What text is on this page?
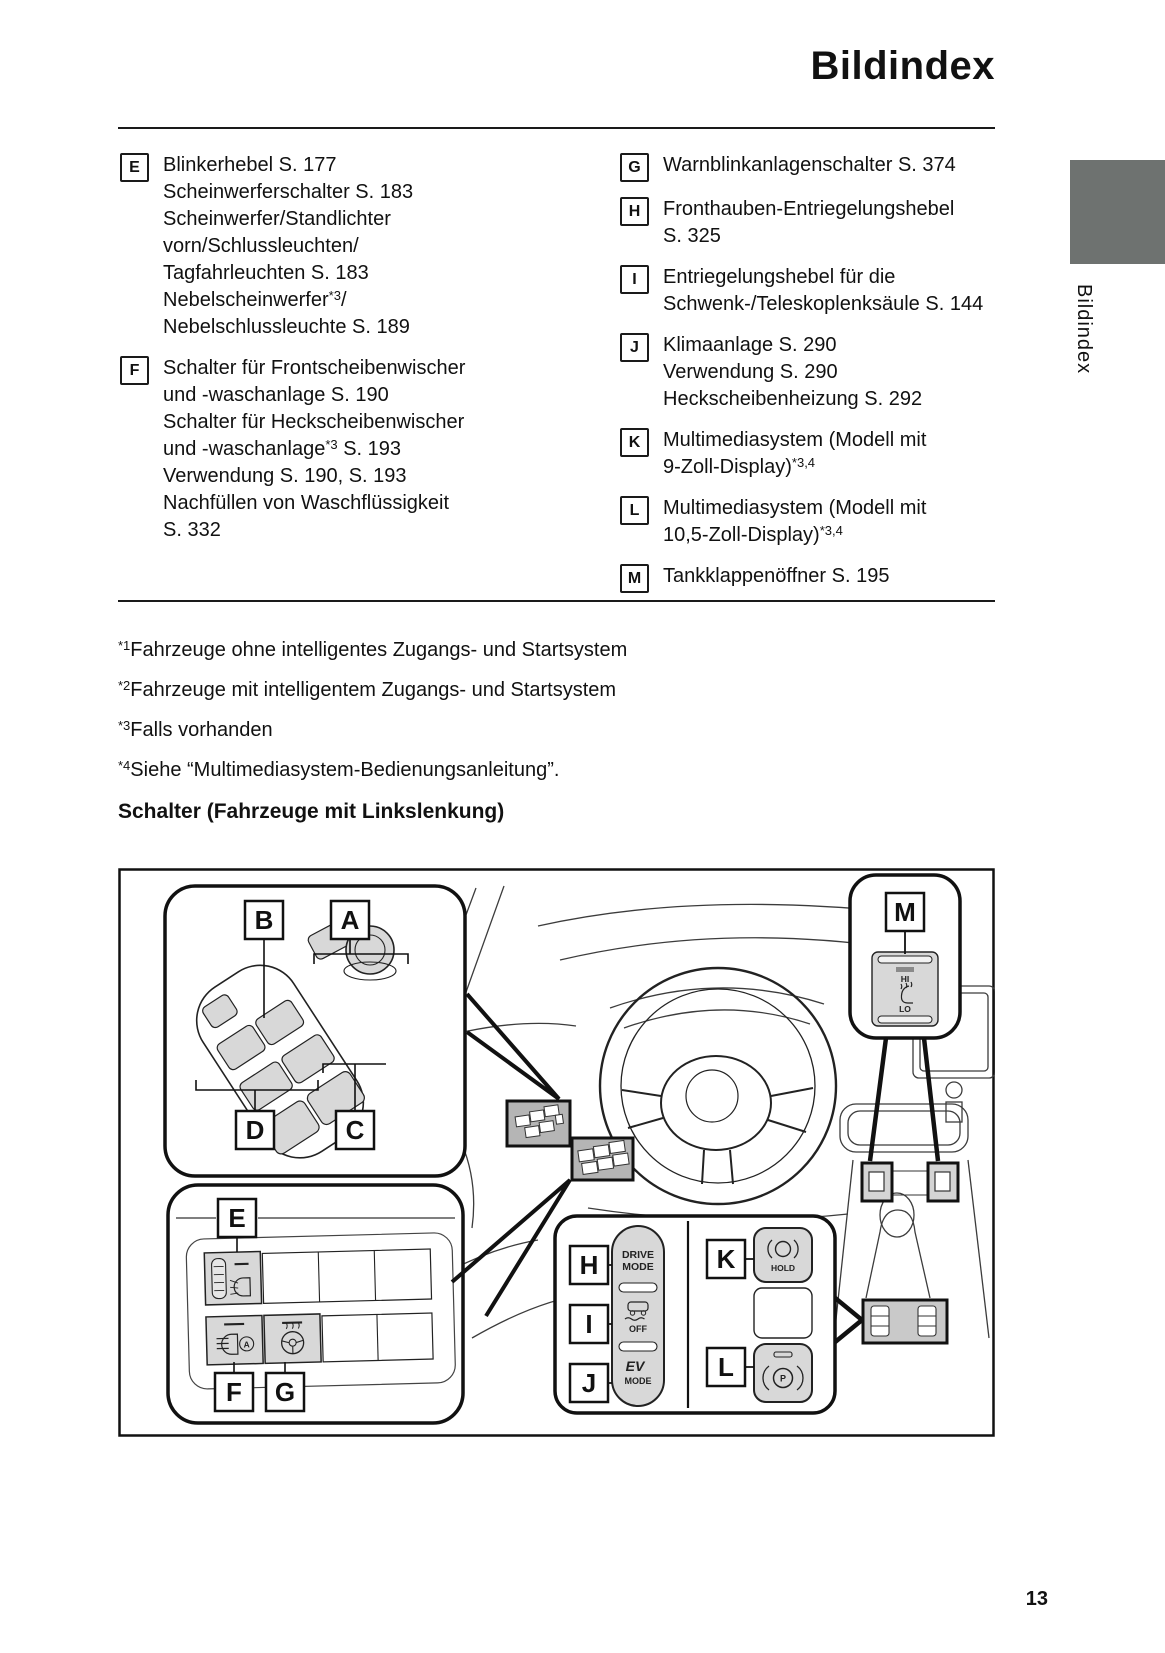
Bildindex
E	Blinkerhebel S. 177
Scheinwerferschalter S. 183
Scheinwerfer/Standlichter
vorn/Schlussleuchten/
Tagfahrleuchten S. 183
Nebelscheinwerfer$^{*3}$/
Nebelschlussleuchte S. 189
F	Schalter für Frontscheibenwischer
und -waschanlage S. 190
Schalter für Heckscheibenwischer
und -waschanlage$^{*3}$ S. 193
Verwendung S. 190, S. 193
Nachfüllen von Waschflüssigkeit
S. 332
G	Warnblinkanlagenschalter S. 374
H	Fronthauben-Entriegelungshebel
S. 325
I	Entriegelungshebel für die
Schwenk-/Teleskoplenksäule S. 144
J	Klimaanlage S. 290
Verwendung S. 290
Heckscheibenheizung S. 292
K	Multimediasystem (Modell mit
9-Zoll-Display)$^{*3,4}$
L	Multimediasystem (Modell mit
10,5-Zoll-Display)$^{*3,4}$
M	Tankklappenöffner S. 195
$^{*1}$Fahrzeuge ohne intelligentes Zugangs- und Startsystem
$^{*2}$Fahrzeuge mit intelligentem Zugangs- und Startsystem
$^{*3}$Falls vorhanden
$^{*4}$Siehe “Multimediasystem-Bedienungsanleitung”.
Schalter (Fahrzeuge mit Linkslenkung)
Bildindex
13
B	A
D	C
A
E
F G
DRIVE
MODE
OFF
EV
MODE
HOLD
P
H
I
J
K
L
HI
LO
M
